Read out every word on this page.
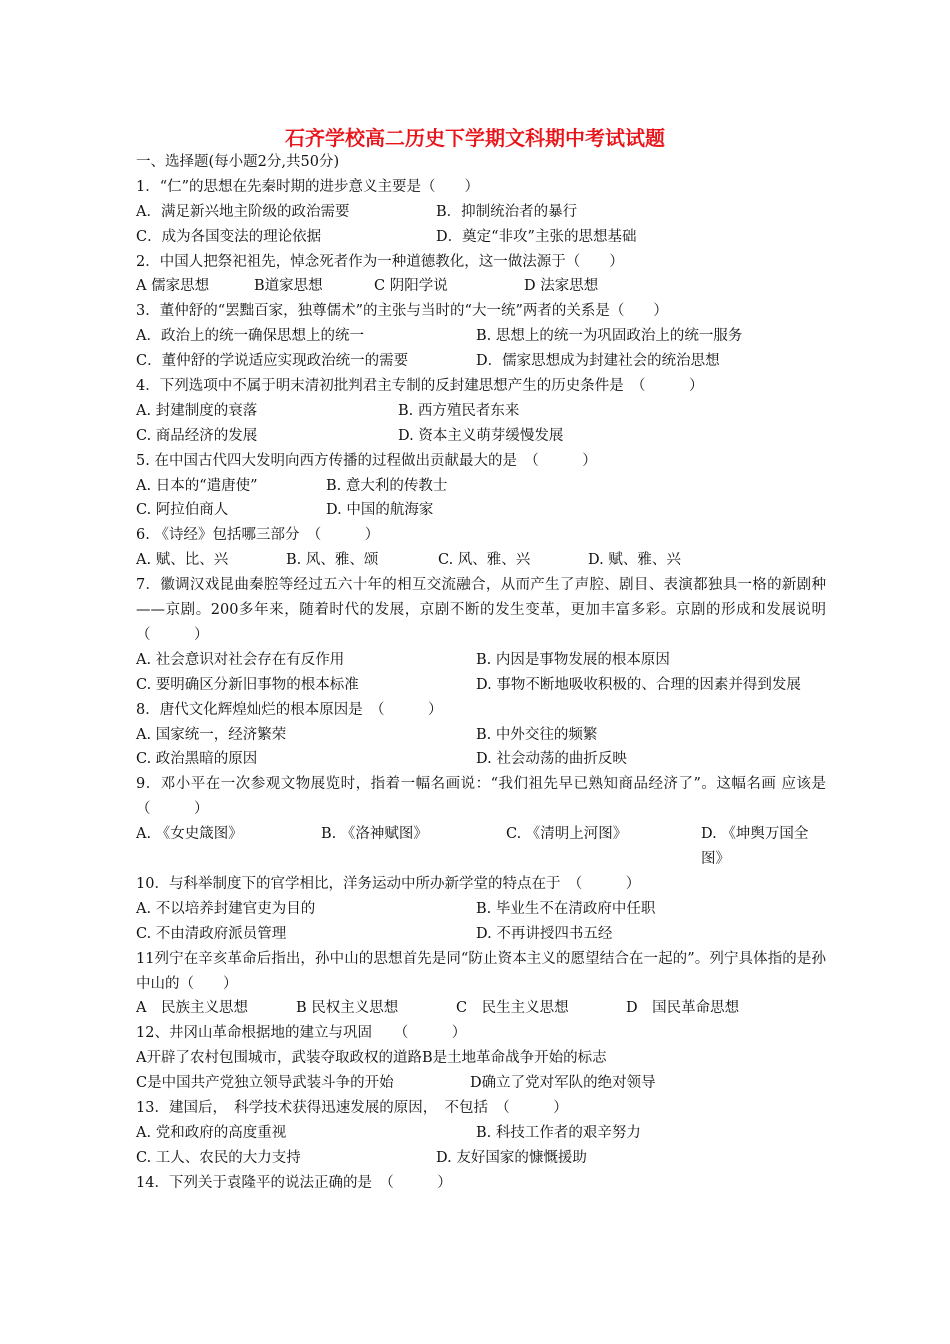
石齐学校高二历史下学期文科期中考试试题
一、选择题(每小题2分,共50分)
1．“仁”的思想在先秦时期的进步意义主要是（　　）
A．满足新兴地主阶级的政治需要	B．抑制统治者的暴行
C．成为各国变法的理论依据	D．奠定“非攻”主张的思想基础
2．中国人把祭祀祖先，悼念死者作为一种道德教化，这一做法源于（　　）
A 儒家思想	B道家思想	C 阴阳学说	D 法家思想
3．董仲舒的“罢黜百家，独尊儒术”的主张与当时的“大一统”两者的关系是（　　）
A．政治上的统一确保思想上的统一	B. 思想上的统一为巩固政治上的统一服务
C．董仲舒的学说适应实现政治统一的需要	D．儒家思想成为封建社会的统治思想
4．下列选项中不属于明末清初批判君主专制的反封建思想产生的历史条件是　（　　　）
A. 封建制度的衰落	B. 西方殖民者东来
C. 商品经济的发展	D. 资本主义萌芽缓慢发展
5. 在中国古代四大发明向西方传播的过程做出贡献最大的是　（　　　）
A. 日本的“遣唐使”	B. 意大利的传教士
C. 阿拉伯商人	D. 中国的航海家
6. 《诗经》包括哪三部分　（　　　）
A. 赋、比、兴	B. 风、雅、颂	C. 风、雅、兴	D. 赋、雅、兴
7．徽调汉戏昆曲秦腔等经过五六十年的相互交流融合，从而产生了声腔、剧目、表演都独具一格的新剧种——京剧。200多年来，随着时代的发展，京剧不断的发生变革，更加丰富多彩。京剧的形成和发展说明　（　　　）
A. 社会意识对社会存在有反作用	B. 内因是事物发展的根本原因
C. 要明确区分新旧事物的根本标准	D. 事物不断地吸收积极的、合理的因素并得到发展
8．唐代文化辉煌灿烂的根本原因是　（　　　）
A. 国家统一，经济繁荣	B. 中外交往的频繁
C. 政治黑暗的原因	D. 社会动荡的曲折反映
9．邓小平在一次参观文物展览时，指着一幅名画说：“我们祖先早已熟知商品经济了”。这幅名画 应该是　（　　　）
A. 《女史箴图》	B. 《洛神赋图》	C. 《清明上河图》	D. 《坤舆万国全图》
10．与科举制度下的官学相比，洋务运动中所办新学堂的特点在于　（　　　）
A. 不以培养封建官吏为目的	B. 毕业生不在清政府中任职
C. 不由清政府派员管理	D. 不再讲授四书五经
11列宁在辛亥革命后指出，孙中山的思想首先是同“防止资本主义的愿望结合在一起的”。列宁具体指的是孙中山的（　　）
A　民族主义思想	B 民权主义思想	C　民生主义思想	D　国民革命思想
12、井冈山革命根据地的建立与巩固　　（　　　）
A开辟了农村包围城市，武装夺取政权的道路 B是土地革命战争开始的标志
C是中国共产党独立领导武装斗争的开始	D确立了党对军队的绝对领导
13．建国后，　科学技术获得迅速发展的原因，　不包括　（　　　）
A. 党和政府的高度重视	B. 科技工作者的艰辛努力
C. 工人、农民的大力支持	D. 友好国家的慷慨援助
14．下列关于袁隆平的说法正确的是　（　　　）
